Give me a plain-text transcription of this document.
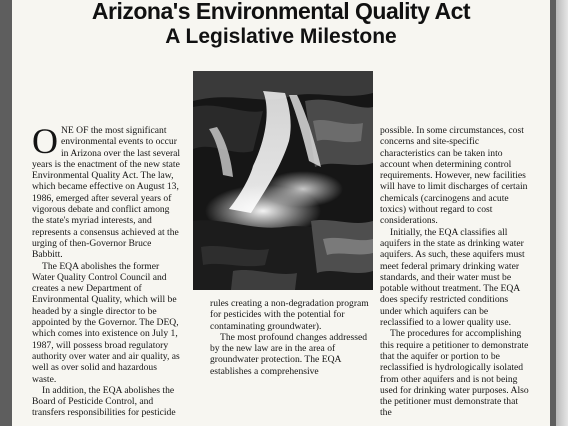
Arizona's Environmental Quality Act
A Legislative Milestone

ONE OF the most significant environmental events to occur in Arizona over the last several years is the enactment of the new state Environmental Quality Act. The law, which became effective on August 13, 1986, emerged after several years of vigorous debate and conflict among the state's myriad interests, and represents a consensus achieved at the urging of then-Governor Bruce Babbitt.

The EQA abolishes the former Water Quality Control Council and creates a new Department of Environmental Quality, which will be headed by a single director to be appointed by the Governor. The DEQ, which comes into existence on July 1, 1987, will possess broad regulatory authority over water and air quality, as well as over solid and hazardous waste.

In addition, the EQA abolishes the Board of Pesticide Control, and transfers responsibilities for pesticide

rules creating a non-degradation program for pesticides with the potential for contaminating groundwater).

The most profound changes addressed by the new law are in the area of groundwater protection. The EQA establishes a comprehensive

possible. In some circumstances, cost concerns and site-specific characteristics can be taken into account when determining control requirements. However, new facilities will have to limit discharges of certain chemicals (carcinogens and acute toxics) without regard to cost considerations.

Initially, the EQA classifies all aquifers in the state as drinking water aquifers. As such, these aquifers must meet federal primary drinking water standards, and their water must be potable without treatment. The EQA does specify restricted conditions under which aquifers can be reclassified to a lower quality use.

The procedures for accomplishing this require a petitioner to demonstrate that the aquifer or portion to be reclassified is hydrologically isolated from other aquifers and is not being used for drinking water purposes. Also the petitioner must demonstrate that the
